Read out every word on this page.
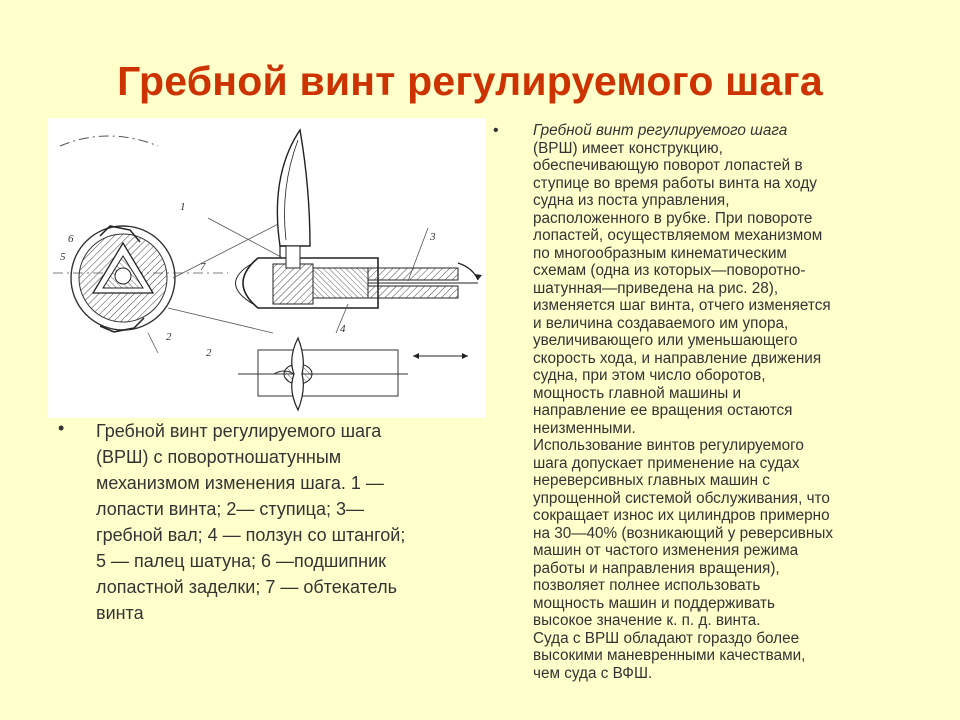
Гребной винт регулируемого шага
1
2
3
4
5
6
7
2
• Гребной винт регулируемого шага
(ВРШ) с поворотношатунным
механизмом изменения шага. 1 —
лопасти винта; 2— ступица; 3—
гребной вал; 4 — ползун со штангой;
5 — палец шатуна; 6 —подшипник
лопастной заделки; 7 — обтекатель
винта
• Гребной винт регулируемого шага
(ВРШ) имеет конструкцию,
обеспечивающую поворот лопастей в
ступице во время работы винта на ходу
судна из поста управления,
расположенного в рубке. При повороте
лопастей, осуществляемом механизмом
по многообразным кинематическим
схемам (одна из которых—поворотно-
шатунная—приведена на рис. 28),
изменяется шаг винта, отчего изменяется
и величина создаваемого им упора,
увеличивающего или уменьшающего
скорость хода, и направление движения
судна, при этом число оборотов,
мощность главной машины и
направление ее вращения остаются
неизменными.
Использование винтов регулируемого
шага допускает применение на судах
нереверсивных главных машин с
упрощенной системой обслуживания, что
сокращает износ их цилиндров примерно
на 30—40% (возникающий у реверсивных
машин от частого изменения режима
работы и направления вращения),
позволяет полнее использовать
мощность машин и поддерживать
высокое значение к. п. д. винта.
Суда с ВРШ обладают гораздо более
высокими маневренными качествами,
чем суда с ВФШ.
